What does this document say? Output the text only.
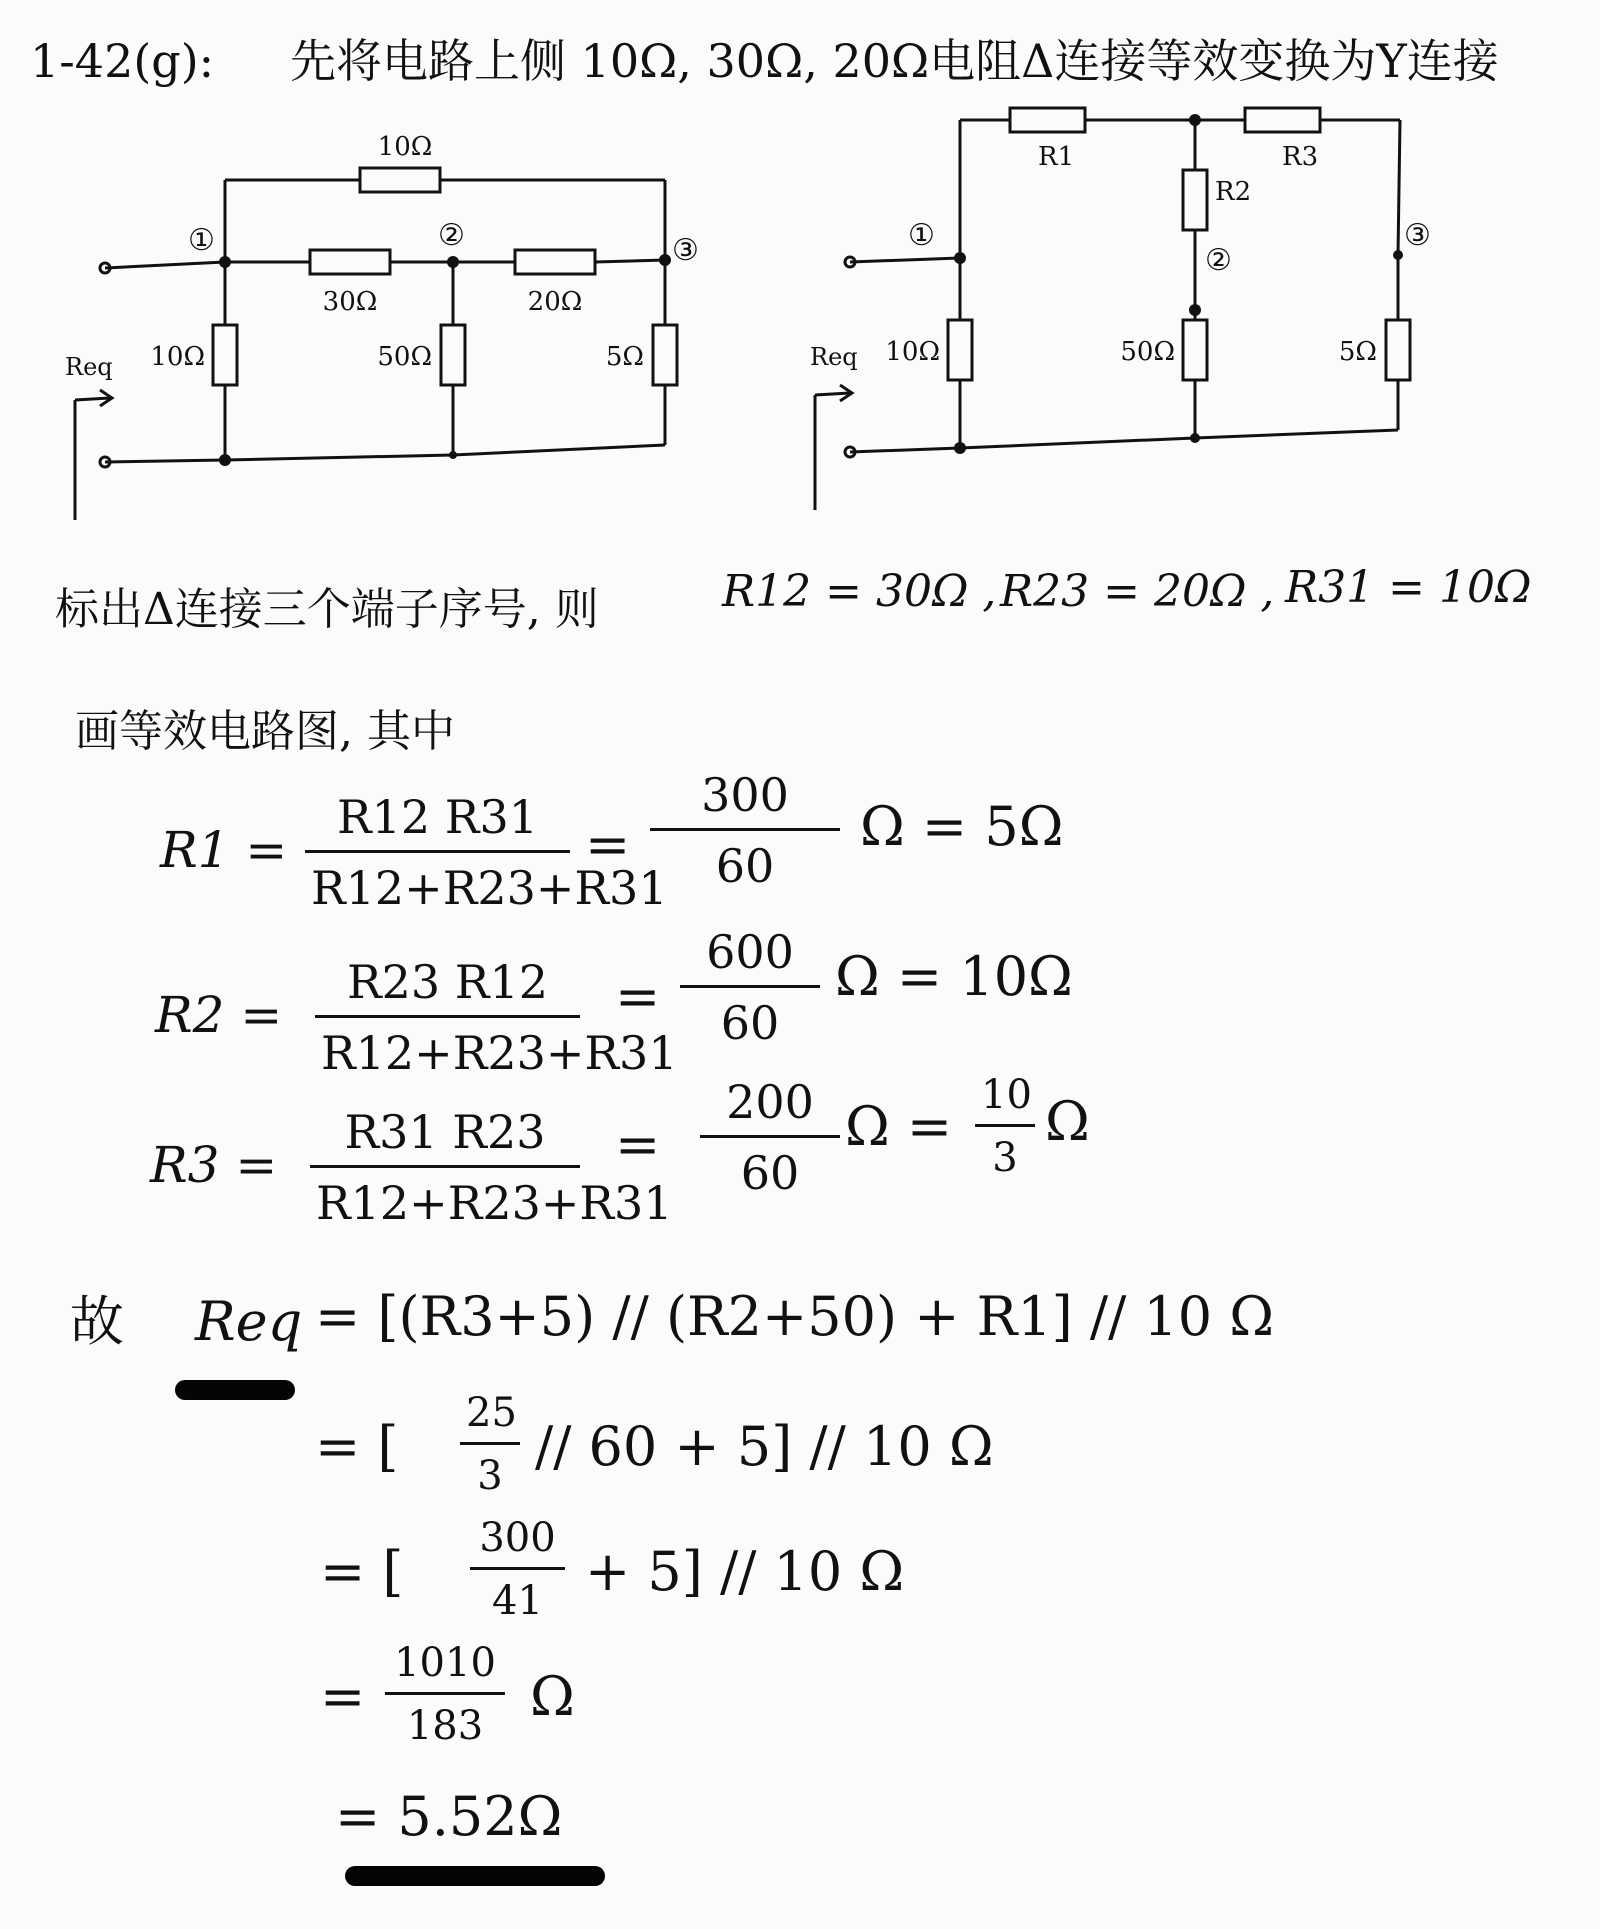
1-42(g): 先将电路上侧 10Ω, 30Ω, 20Ω电阻Δ连接等效变换为Y连接
10Ω
30Ω	20Ω
10Ω	50Ω	5Ω
Req
①	②	③
R1
R2
R3
10Ω	50Ω	5Ω
Req
①
②
③
标出Δ连接三个端子序号, 则	R12 = 30Ω , R23 = 20Ω , R31 = 10Ω
画等效电路图, 其中
R1 =
R12 R31
R12+R23+R31
=
300
60
Ω = 5Ω
R2 =
R23 R12
R12+R23+R31
=
600
60
Ω = 10Ω
R3 =
R31 R23
R12+R23+R31
=
200
60
Ω = 10
3
Ω
故 Req = [(R3+5) // (R2+50) + R1] // 10 Ω
= [
25
3 // 60 + 5] // 10 Ω
= [
300
41 + 5] // 10 Ω
=
1010
183 Ω
= 5.52Ω
